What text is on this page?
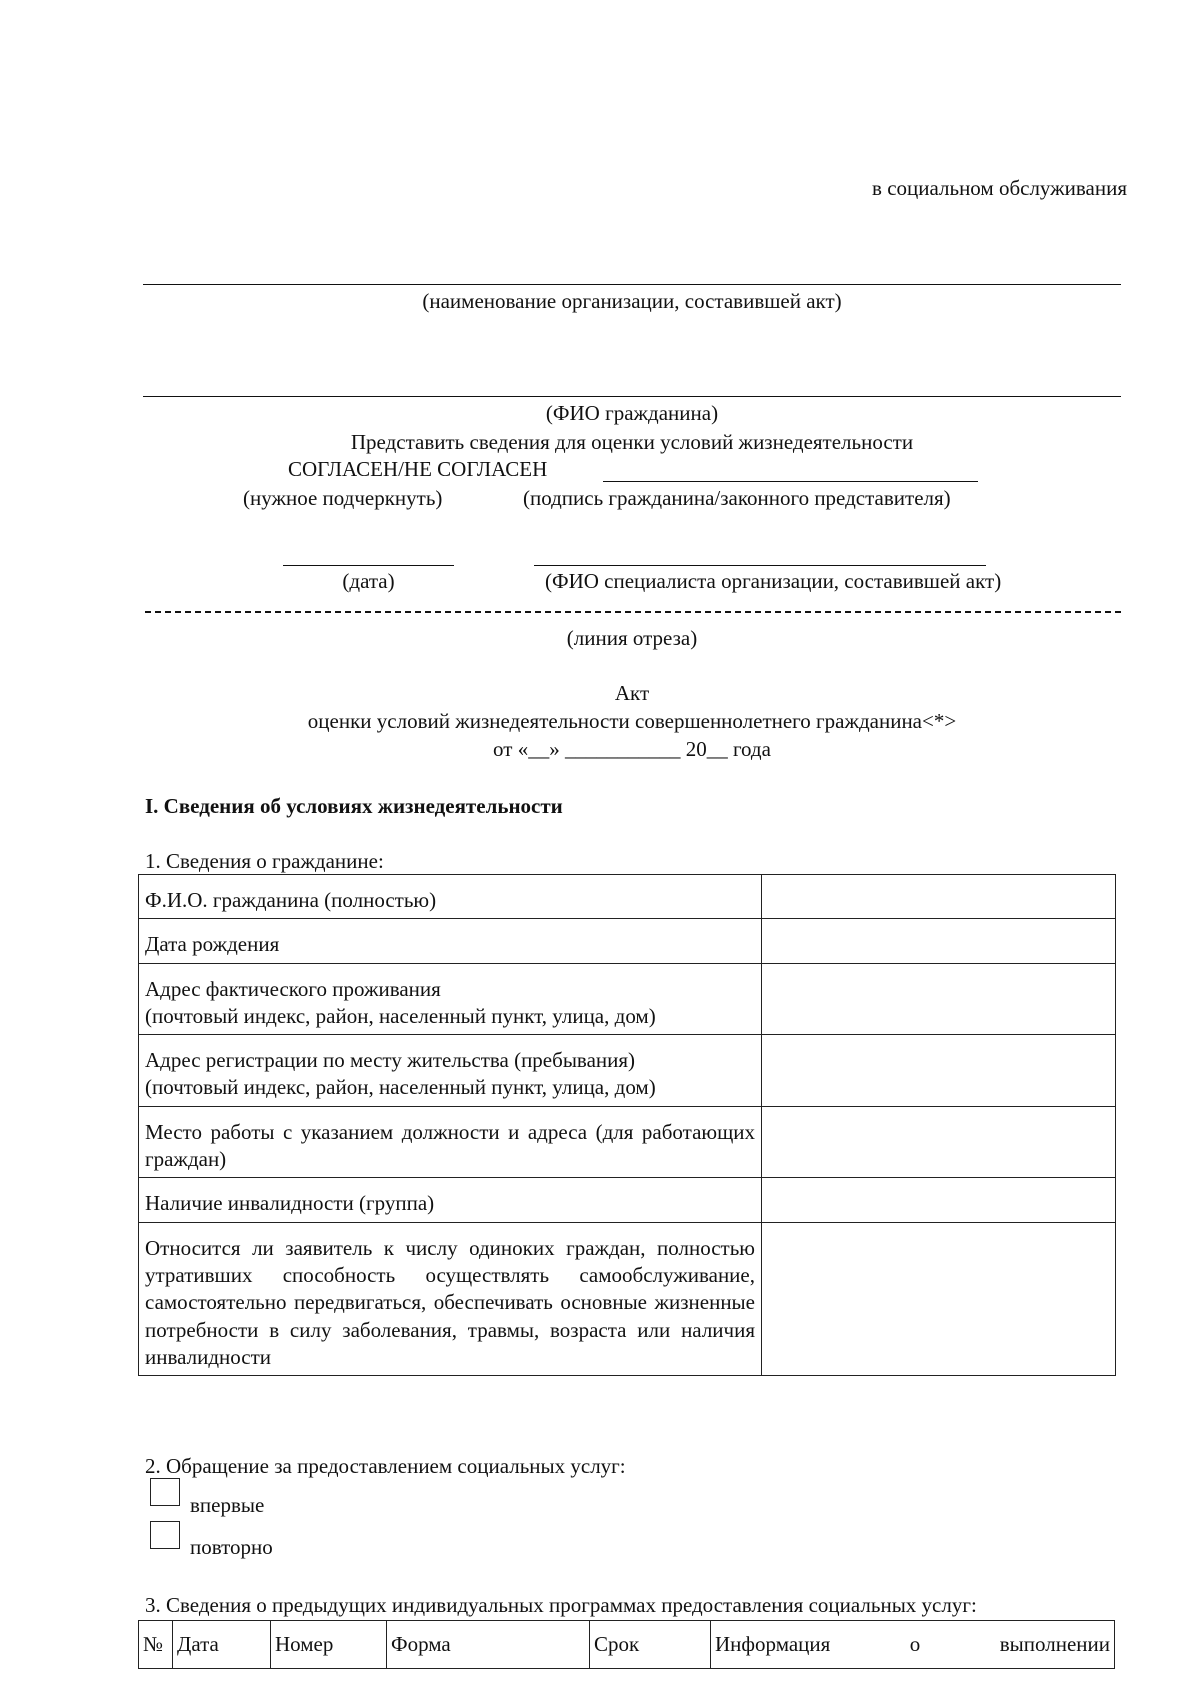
в социальном обслуживания
(наименование организации, составившей акт)
(ФИО гражданина)
Представить сведения для оценки условий жизнедеятельности
СОГЛАСЕН/НЕ СОГЛАСЕН
(нужное подчеркнуть)	(подпись гражданина/законного представителя)
(дата)	(ФИО специалиста организации, составившей акт)
(линия отреза)
Акт
оценки условий жизнедеятельности совершеннолетнего гражданина<*>
от «__» ___________ 20__ года
I. Сведения об условиях жизнедеятельности
1. Сведения о гражданине:
Ф.И.О. гражданина (полностью)	
Дата рождения	

Адрес фактического проживания
(почтовый индекс, район, населенный пункт, улица, дом)	

Адрес регистрации по месту жительства (пребывания)
(почтовый индекс, район, населенный пункт, улица, дом)	

Место работы с указанием должности и адреса (для работающих граждан)	
Наличие инвалидности (группа)	
Относится ли заявитель к числу одиноких граждан, полностью утративших способность осуществлять самообслуживание, самостоятельно передвигаться, обеспечивать основные жизненные потребности в силу заболевания, травмы, возраста или наличия инвалидности	
2. Обращение за предоставлением социальных услуг:
впервые
повторно
3. Сведения о предыдущих индивидуальных программах предоставления социальных услуг:
№	Дата	Номер	Форма	Срок	Информация о выполнении
